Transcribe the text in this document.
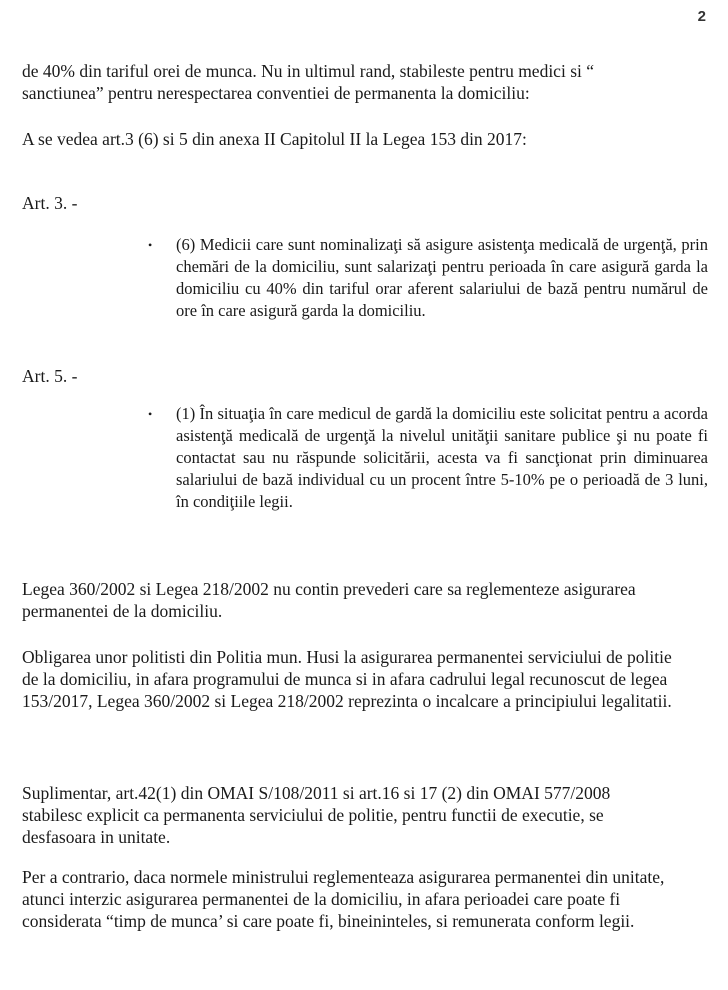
2

de 40% din tariful orei de munca. Nu in ultimul rand, stabileste pentru medici si “ sanctiunea” pentru nerespectarea conventiei de permanenta la domiciliu:

A se vedea art.3 (6) si 5 din anexa II Capitolul II la Legea 153 din 2017:

Art. 3. -

• (6) Medicii care sunt nominalizaţi să asigure asistenţa medicală de urgenţă, prin chemări de la domiciliu, sunt salarizaţi pentru perioada în care asigură garda la domiciliu cu 40% din tariful orar aferent salariului de bază pentru numărul de ore în care asigură garda la domiciliu.

Art. 5. -

• (1) În situaţia în care medicul de gardă la domiciliu este solicitat pentru a acorda asistenţă medicală de urgenţă la nivelul unităţii sanitare publice şi nu poate fi contactat sau nu răspunde solicitării, acesta va fi sancţionat prin diminuarea salariului de bază individual cu un procent între 5-10% pe o perioadă de 3 luni, în condiţiile legii.

Legea 360/2002 si Legea 218/2002 nu contin prevederi care sa reglementeze asigurarea permanentei de la domiciliu.

Obligarea unor politisti din Politia mun. Husi la asigurarea permanentei serviciului de politie de la domiciliu, in afara programului de munca si in afara cadrului legal recunoscut de legea 153/2017, Legea 360/2002 si Legea 218/2002 reprezinta o incalcare a principiului legalitatii.

Suplimentar, art.42(1) din OMAI S/108/2011 si art.16 si 17 (2) din OMAI 577/2008 stabilesc explicit ca permanenta serviciului de politie, pentru functii de executie, se desfasoara in unitate.

Per a contrario, daca normele ministrului reglementeaza asigurarea permanentei din unitate, atunci interzic asigurarea permanentei de la domiciliu, in afara perioadei care poate fi considerata “timp de munca’ si care poate fi, bineininteles, si remunerata conform legii.
